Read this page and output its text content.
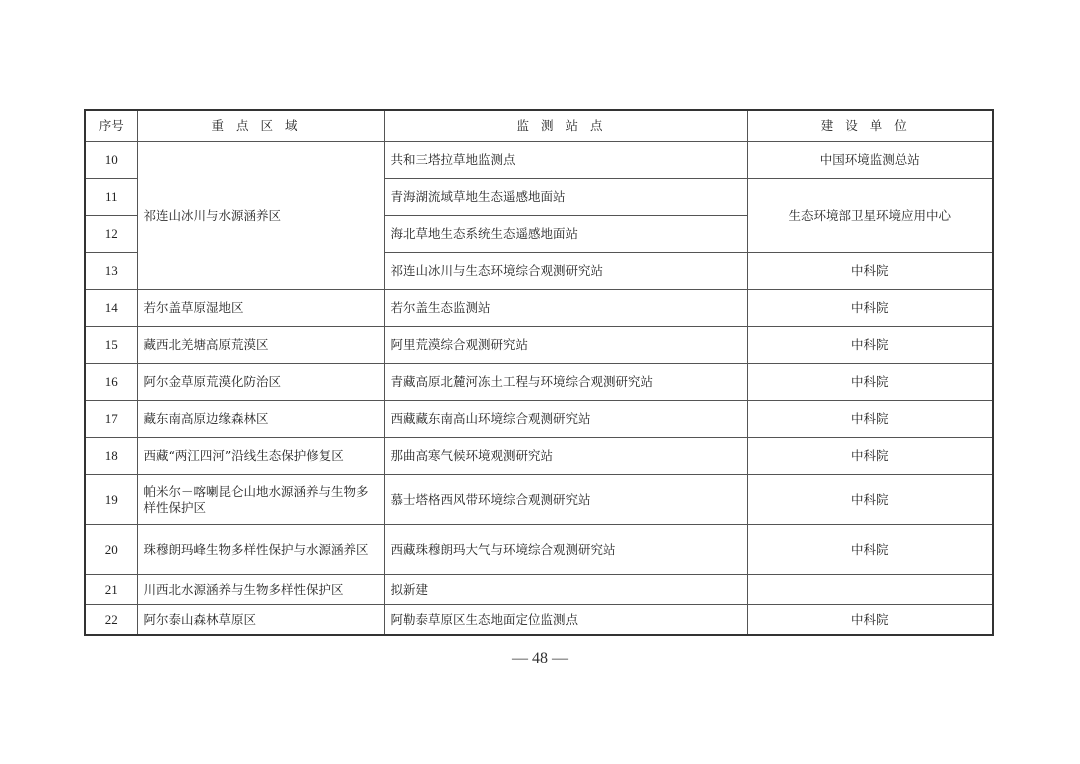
序号	重点区域	监测站点	建设单位
10	祁连山冰川与水源涵养区	共和三塔拉草地监测点	中国环境监测总站
11		青海湖流域草地生态遥感地面站	生态环境部卫星环境应用中心
12		海北草地生态系统生态遥感地面站	
13		祁连山冰川与生态环境综合观测研究站	中科院
14	若尔盖草原湿地区	若尔盖生态监测站	中科院
15	藏西北羌塘高原荒漠区	阿里荒漠综合观测研究站	中科院
16	阿尔金草原荒漠化防治区	青藏高原北麓河冻土工程与环境综合观测研究站	中科院
17	藏东南高原边缘森林区	西藏藏东南高山环境综合观测研究站	中科院
18	西藏“两江四河”沿线生态保护修复区	那曲高寒气候环境观测研究站	中科院
19	帕米尔－喀喇昆仑山地水源涵养与生物多样性保护区	慕士塔格西风带环境综合观测研究站	中科院
20	珠穆朗玛峰生物多样性保护与水源涵养区	西藏珠穆朗玛大气与环境综合观测研究站	中科院
21	川西北水源涵养与生物多样性保护区	拟新建	
22	阿尔泰山森林草原区	阿勒泰草原区生态地面定位监测点	中科院
— 48 —
